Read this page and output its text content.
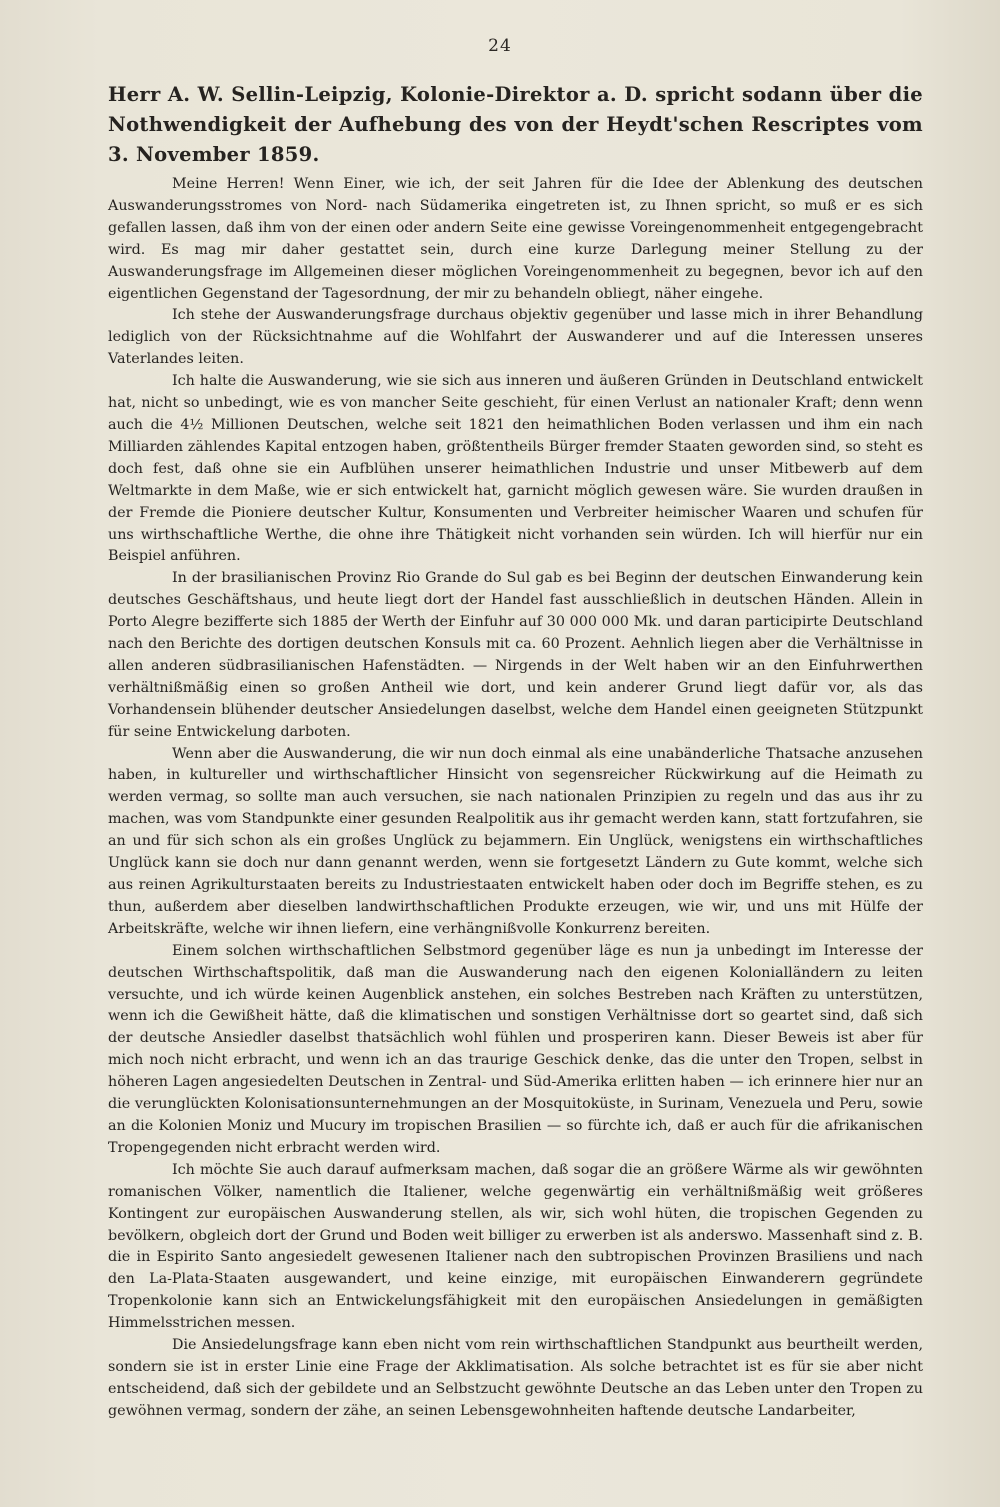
24

Herr A. W. Sellin-Leipzig, Kolonie-Direktor a. D. spricht sodann über die Nothwendigkeit der Aufhebung des von der Heydt'schen Rescriptes vom 3. November 1859.

Meine Herren! Wenn Einer, wie ich, der seit Jahren für die Idee der Ablenkung des deutschen Auswanderungsstromes von Nord- nach Südamerika eingetreten ist, zu Ihnen spricht, so muß er es sich gefallen lassen, daß ihm von der einen oder andern Seite eine gewisse Voreingenommenheit entgegengebracht wird. Es mag mir daher gestattet sein, durch eine kurze Darlegung meiner Stellung zu der Auswanderungsfrage im Allgemeinen dieser möglichen Voreingenommenheit zu begegnen, bevor ich auf den eigentlichen Gegenstand der Tagesordnung, der mir zu behandeln obliegt, näher eingehe.

Ich stehe der Auswanderungsfrage durchaus objektiv gegenüber und lasse mich in ihrer Behandlung lediglich von der Rücksichtnahme auf die Wohlfahrt der Auswanderer und auf die Interessen unseres Vaterlandes leiten.

Ich halte die Auswanderung, wie sie sich aus inneren und äußeren Gründen in Deutschland entwickelt hat, nicht so unbedingt, wie es von mancher Seite geschieht, für einen Verlust an nationaler Kraft; denn wenn auch die 4½ Millionen Deutschen, welche seit 1821 den heimathlichen Boden verlassen und ihm ein nach Milliarden zählendes Kapital entzogen haben, größtentheils Bürger fremder Staaten geworden sind, so steht es doch fest, daß ohne sie ein Aufblühen unserer heimathlichen Industrie und unser Mitbewerb auf dem Weltmarkte in dem Maße, wie er sich entwickelt hat, garnicht möglich gewesen wäre. Sie wurden draußen in der Fremde die Pioniere deutscher Kultur, Konsumenten und Verbreiter heimischer Waaren und schufen für uns wirthschaftliche Werthe, die ohne ihre Thätigkeit nicht vorhanden sein würden. Ich will hierfür nur ein Beispiel anführen.

In der brasilianischen Provinz Rio Grande do Sul gab es bei Beginn der deutschen Einwanderung kein deutsches Geschäftshaus, und heute liegt dort der Handel fast ausschließlich in deutschen Händen. Allein in Porto Alegre bezifferte sich 1885 der Werth der Einfuhr auf 30 000 000 Mk. und daran participirte Deutschland nach den Berichte des dortigen deutschen Konsuls mit ca. 60 Prozent. Aehnlich liegen aber die Verhältnisse in allen anderen südbrasilianischen Hafenstädten. — Nirgends in der Welt haben wir an den Einfuhrwerthen verhältnißmäßig einen so großen Antheil wie dort, und kein anderer Grund liegt dafür vor, als das Vorhandensein blühender deutscher Ansiedelungen daselbst, welche dem Handel einen geeigneten Stützpunkt für seine Entwickelung darboten.

Wenn aber die Auswanderung, die wir nun doch einmal als eine unabänderliche Thatsache anzusehen haben, in kultureller und wirthschaftlicher Hinsicht von segensreicher Rückwirkung auf die Heimath zu werden vermag, so sollte man auch versuchen, sie nach nationalen Prinzipien zu regeln und das aus ihr zu machen, was vom Standpunkte einer gesunden Realpolitik aus ihr gemacht werden kann, statt fortzufahren, sie an und für sich schon als ein großes Unglück zu bejammern. Ein Unglück, wenigstens ein wirthschaftliches Unglück kann sie doch nur dann genannt werden, wenn sie fortgesetzt Ländern zu Gute kommt, welche sich aus reinen Agrikulturstaaten bereits zu Industriestaaten entwickelt haben oder doch im Begriffe stehen, es zu thun, außerdem aber dieselben landwirthschaftlichen Produkte erzeugen, wie wir, und uns mit Hülfe der Arbeitskräfte, welche wir ihnen liefern, eine verhängnißvolle Konkurrenz bereiten.

Einem solchen wirthschaftlichen Selbstmord gegenüber läge es nun ja unbedingt im Interesse der deutschen Wirthschaftspolitik, daß man die Auswanderung nach den eigenen Kolonialländern zu leiten versuchte, und ich würde keinen Augenblick anstehen, ein solches Bestreben nach Kräften zu unterstützen, wenn ich die Gewißheit hätte, daß die klimatischen und sonstigen Verhältnisse dort so geartet sind, daß sich der deutsche Ansiedler daselbst thatsächlich wohl fühlen und prosperiren kann. Dieser Beweis ist aber für mich noch nicht erbracht, und wenn ich an das traurige Geschick denke, das die unter den Tropen, selbst in höheren Lagen angesiedelten Deutschen in Zentral- und Süd-Amerika erlitten haben — ich erinnere hier nur an die verunglückten Kolonisationsunternehmungen an der Mosquitoküste, in Surinam, Venezuela und Peru, sowie an die Kolonien Moniz und Mucury im tropischen Brasilien — so fürchte ich, daß er auch für die afrikanischen Tropengegenden nicht erbracht werden wird.

Ich möchte Sie auch darauf aufmerksam machen, daß sogar die an größere Wärme als wir gewöhnten romanischen Völker, namentlich die Italiener, welche gegenwärtig ein verhältnißmäßig weit größeres Kontingent zur europäischen Auswanderung stellen, als wir, sich wohl hüten, die tropischen Gegenden zu bevölkern, obgleich dort der Grund und Boden weit billiger zu erwerben ist als anderswo. Massenhaft sind z. B. die in Espirito Santo angesiedelt gewesenen Italiener nach den subtropischen Provinzen Brasiliens und nach den La-Plata-Staaten ausgewandert, und keine einzige, mit europäischen Einwanderern gegründete Tropenkolonie kann sich an Entwickelungsfähigkeit mit den europäischen Ansiedelungen in gemäßigten Himmelsstrichen messen.

Die Ansiedelungsfrage kann eben nicht vom rein wirthschaftlichen Standpunkt aus beurtheilt werden, sondern sie ist in erster Linie eine Frage der Akklimatisation. Als solche betrachtet ist es für sie aber nicht entscheidend, daß sich der gebildete und an Selbstzucht gewöhnte Deutsche an das Leben unter den Tropen zu gewöhnen vermag, sondern der zähe, an seinen Lebensgewohnheiten haftende deutsche Landarbeiter,
